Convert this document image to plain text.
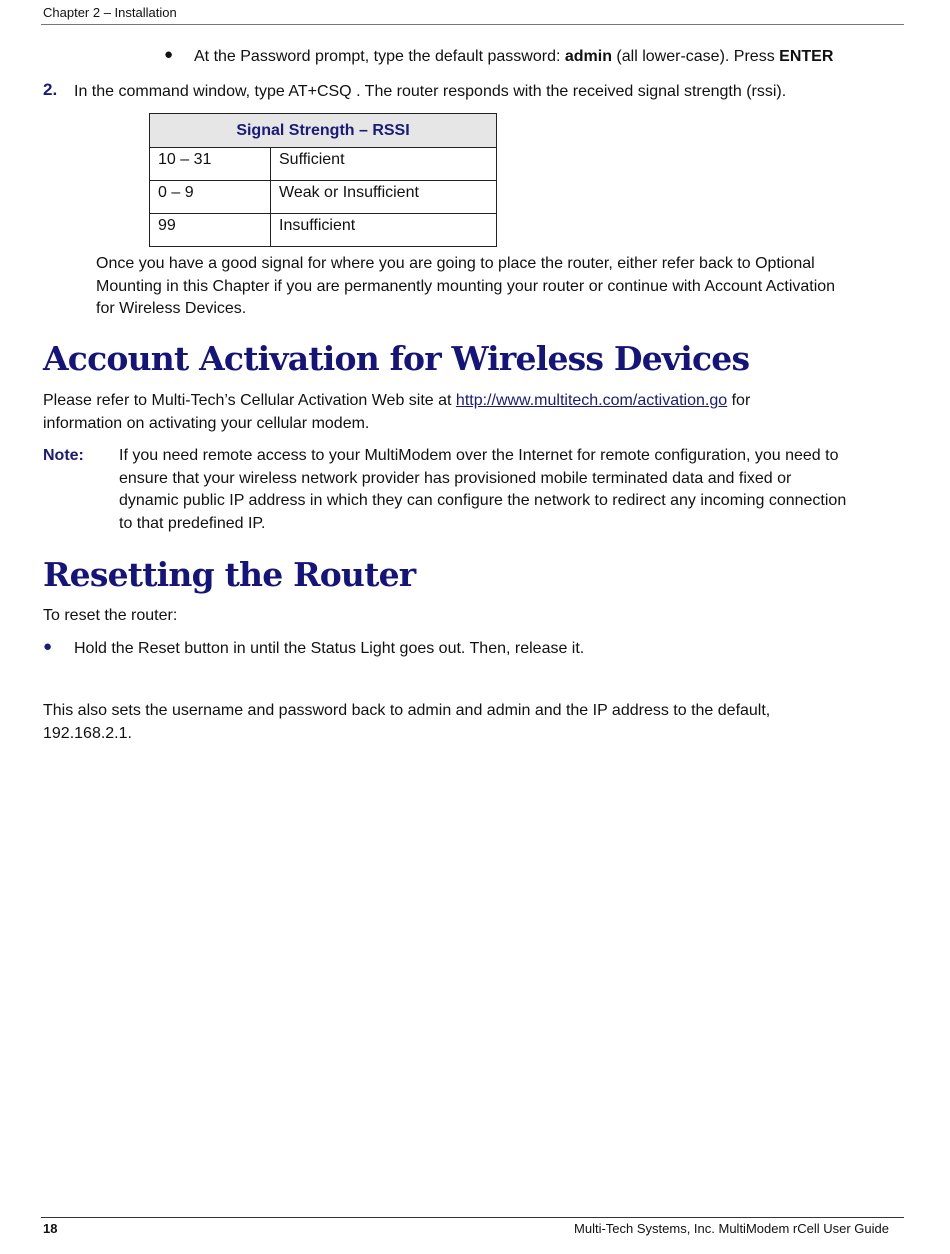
Chapter 2 – Installation
● At the Password prompt, type the default password: admin (all lower-case). Press ENTER
2. In the command window, type AT+CSQ . The router responds with the received signal strength (rssi).
Signal Strength – RSSI	
10 – 31	Sufficient
0 – 9	Weak or Insufficient
99	Insufficient
Once you have a good signal for where you are going to place the router, either refer back to Optional
Mounting in this Chapter if you are permanently mounting your router or continue with Account Activation
for Wireless Devices.
Account Activation for Wireless Devices
Please refer to Multi-Tech’s Cellular Activation Web site at http://www.multitech.com/activation.go for
information on activating your cellular modem.
Note: If you need remote access to your MultiModem over the Internet for remote configuration, you need to
ensure that your wireless network provider has provisioned mobile terminated data and fixed or
dynamic public IP address in which they can configure the network to redirect any incoming connection
to that predefined IP.
Resetting the Router
To reset the router:
● Hold the Reset button in until the Status Light goes out. Then, release it.
This also sets the username and password back to admin and admin and the IP address to the default,
192.168.2.1.
18	Multi-Tech Systems, Inc. MultiModem rCell User Guide
